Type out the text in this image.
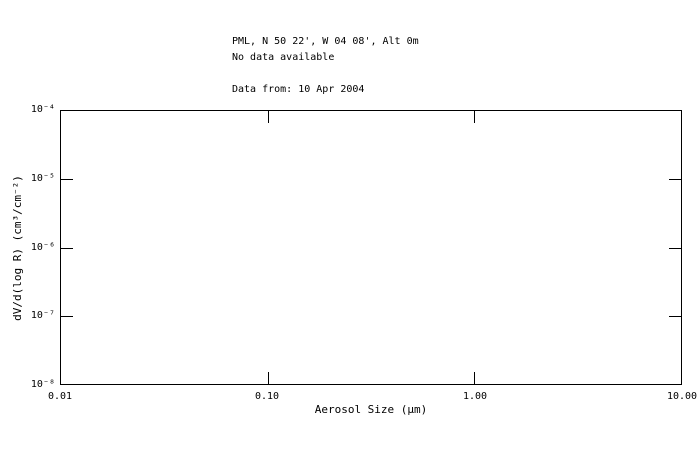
PML, N 50 22', W 04 08', Alt 0m

Data from: 10 Apr 2004

No data available
10⁻⁴
10⁻⁵
10⁻⁶
10⁻⁷
10⁻⁸
0.01	0.10	1.00	10.00
Aerosol Size (µm)
dV/d(log R) (cm³/cm⁻²)
